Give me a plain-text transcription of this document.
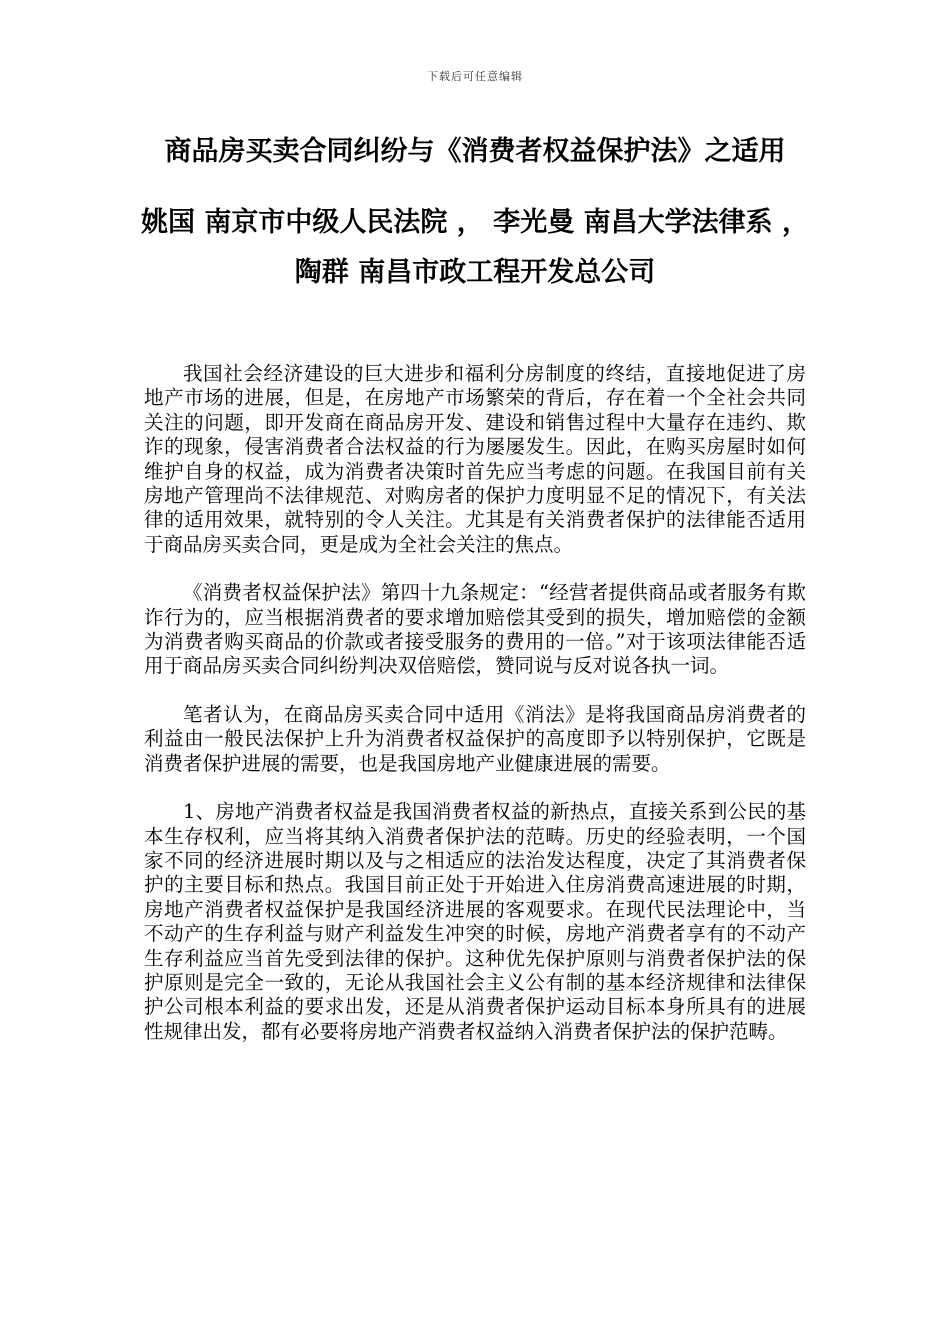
下载后可任意编辑
商品房买卖合同纠纷与《消费者权益保护法》之适用
姚国 南京市中级人民法院 ， 李光曼 南昌大学法律系 ， 陶群 南昌市政工程开发总公司

我国社会经济建设的巨大进步和福利分房制度的终结，直接地促进了房地产市场的进展，但是，在房地产市场繁荣的背后，存在着一个全社会共同关注的问题，即开发商在商品房开发、建设和销售过程中大量存在违约、欺诈的现象，侵害消费者合法权益的行为屡屡发生。因此，在购买房屋时如何维护自身的权益，成为消费者决策时首先应当考虑的问题。在我国目前有关房地产管理尚不法律规范、对购房者的保护力度明显不足的情况下，有关法律的适用效果，就特别的令人关注。尤其是有关消费者保护的法律能否适用于商品房买卖合同，更是成为全社会关注的焦点。

《消费者权益保护法》第四十九条规定：“经营者提供商品或者服务有欺诈行为的，应当根据消费者的要求增加赔偿其受到的损失，增加赔偿的金额为消费者购买商品的价款或者接受服务的费用的一倍。”对于该项法律能否适用于商品房买卖合同纠纷判决双倍赔偿，赞同说与反对说各执一词。

笔者认为，在商品房买卖合同中适用《消法》是将我国商品房消费者的利益由一般民法保护上升为消费者权益保护的高度即予以特别保护，它既是消费者保护进展的需要，也是我国房地产业健康进展的需要。

1、房地产消费者权益是我国消费者权益的新热点，直接关系到公民的基本生存权利，应当将其纳入消费者保护法的范畴。历史的经验表明，一个国家不同的经济进展时期以及与之相适应的法治发达程度，决定了其消费者保护的主要目标和热点。我国目前正处于开始进入住房消费高速进展的时期，房地产消费者权益保护是我国经济进展的客观要求。在现代民法理论中，当不动产的生存利益与财产利益发生冲突的时候，房地产消费者享有的不动产生存利益应当首先受到法律的保护。这种优先保护原则与消费者保护法的保护原则是完全一致的，无论从我国社会主义公有制的基本经济规律和法律保护公司根本利益的要求出发，还是从消费者保护运动目标本身所具有的进展性规律出发，都有必要将房地产消费者权益纳入消费者保护法的保护范畴。
